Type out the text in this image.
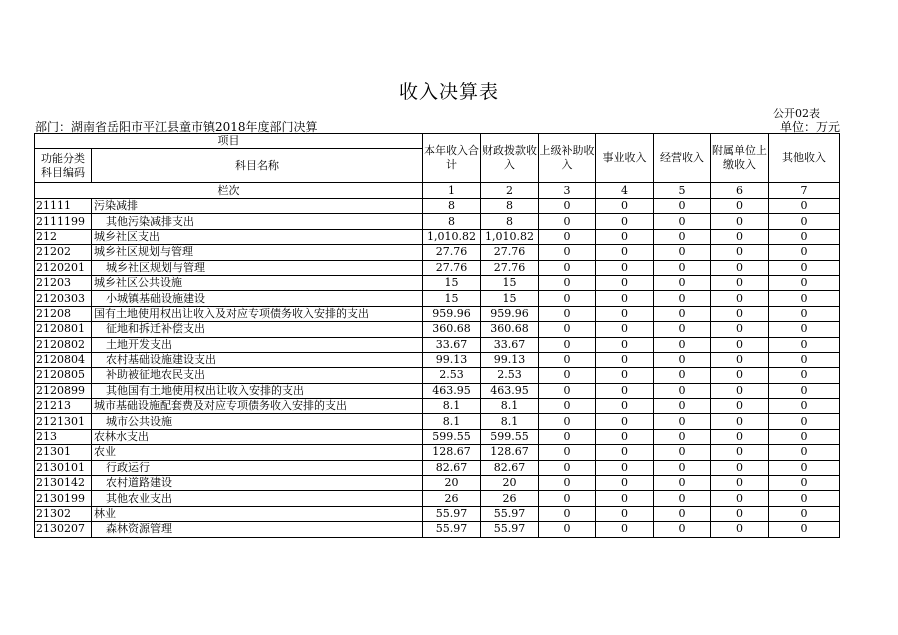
收入决算表
公开02表
部门：湖南省岳阳市平江县童市镇2018年度部门决算	单位：万元
项目		本年收入合计	财政拨款收入	上级补助收入	事业收入	经营收入	附属单位上缴收入	其他收入
功能分类科目编码	科目名称							
栏次		1	2	3	4	5	6	7
21111	污染减排	8	8	0	0	0	0	0
2111199	其他污染减排支出	8	8	0	0	0	0	0
212	城乡社区支出	1,010.82	1,010.82	0	0	0	0	0
21202	城乡社区规划与管理	27.76	27.76	0	0	0	0	0
2120201	城乡社区规划与管理	27.76	27.76	0	0	0	0	0
21203	城乡社区公共设施	15	15	0	0	0	0	0
2120303	小城镇基础设施建设	15	15	0	0	0	0	0
21208	国有土地使用权出让收入及对应专项债务收入安排的支出	959.96	959.96	0	0	0	0	0
2120801	征地和拆迁补偿支出	360.68	360.68	0	0	0	0	0
2120802	土地开发支出	33.67	33.67	0	0	0	0	0
2120804	农村基础设施建设支出	99.13	99.13	0	0	0	0	0
2120805	补助被征地农民支出	2.53	2.53	0	0	0	0	0
2120899	其他国有土地使用权出让收入安排的支出	463.95	463.95	0	0	0	0	0
21213	城市基础设施配套费及对应专项债务收入安排的支出	8.1	8.1	0	0	0	0	0
2121301	城市公共设施	8.1	8.1	0	0	0	0	0
213	农林水支出	599.55	599.55	0	0	0	0	0
21301	农业	128.67	128.67	0	0	0	0	0
2130101	行政运行	82.67	82.67	0	0	0	0	0
2130142	农村道路建设	20	20	0	0	0	0	0
2130199	其他农业支出	26	26	0	0	0	0	0
21302	林业	55.97	55.97	0	0	0	0	0
2130207	森林资源管理	55.97	55.97	0	0	0	0	0
